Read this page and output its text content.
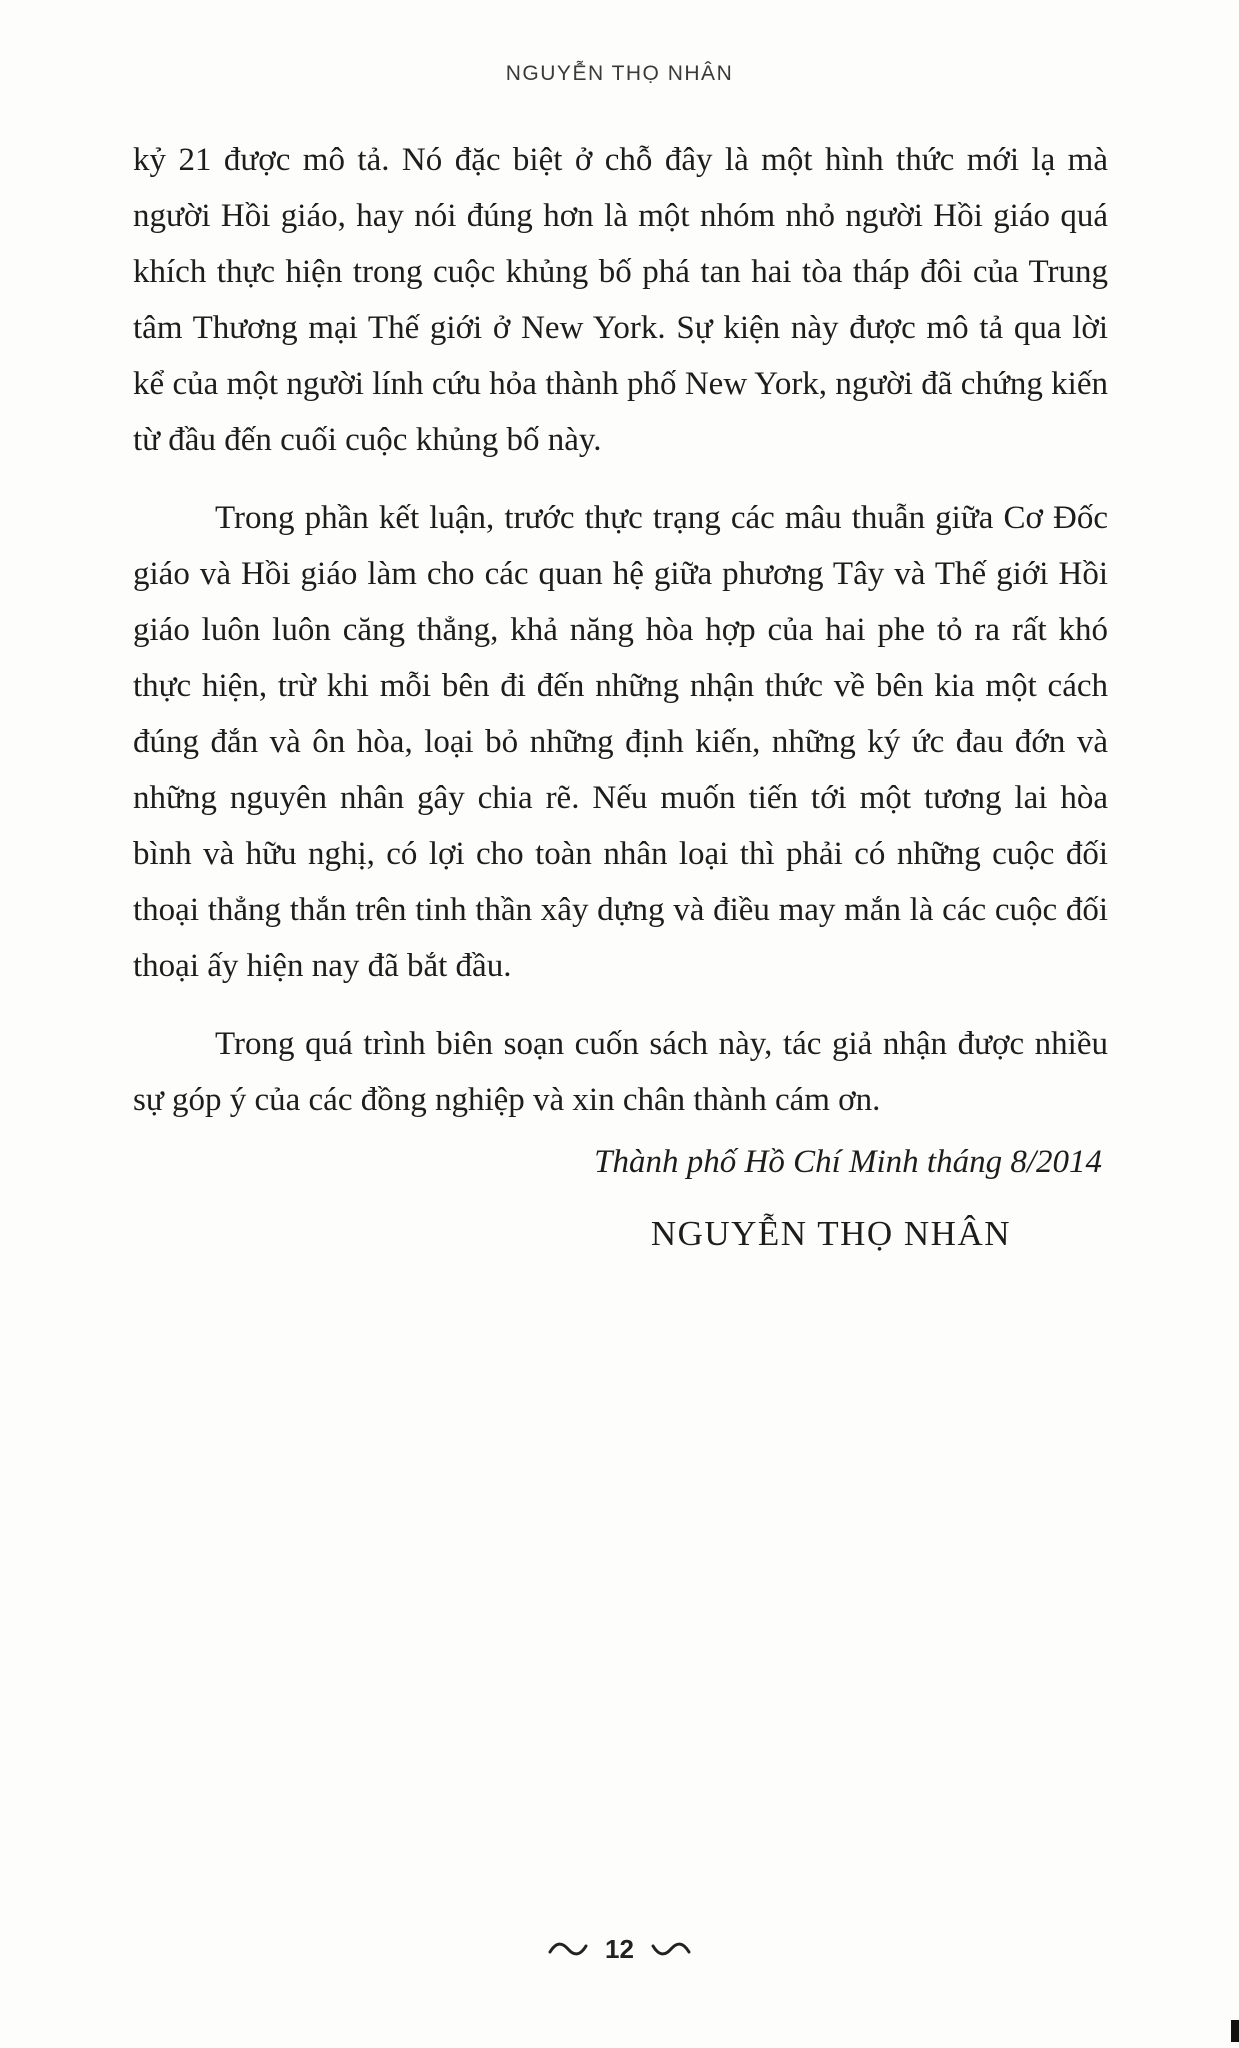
NGUYỄN THỌ NHÂN

kỷ 21 được mô tả. Nó đặc biệt ở chỗ đây là một hình thức mới lạ mà người Hồi giáo, hay nói đúng hơn là một nhóm nhỏ người Hồi giáo quá khích thực hiện trong cuộc khủng bố phá tan hai tòa tháp đôi của Trung tâm Thương mại Thế giới ở New York. Sự kiện này được mô tả qua lời kể của một người lính cứu hỏa thành phố New York, người đã chứng kiến từ đầu đến cuối cuộc khủng bố này.

Trong phần kết luận, trước thực trạng các mâu thuẫn giữa Cơ Đốc giáo và Hồi giáo làm cho các quan hệ giữa phương Tây và Thế giới Hồi giáo luôn luôn căng thẳng, khả năng hòa hợp của hai phe tỏ ra rất khó thực hiện, trừ khi mỗi bên đi đến những nhận thức về bên kia một cách đúng đắn và ôn hòa, loại bỏ những định kiến, những ký ức đau đớn và những nguyên nhân gây chia rẽ. Nếu muốn tiến tới một tương lai hòa bình và hữu nghị, có lợi cho toàn nhân loại thì phải có những cuộc đối thoại thẳng thắn trên tinh thần xây dựng và điều may mắn là các cuộc đối thoại ấy hiện nay đã bắt đầu.

Trong quá trình biên soạn cuốn sách này, tác giả nhận được nhiều sự góp ý của các đồng nghiệp và xin chân thành cám ơn.

Thành phố Hồ Chí Minh tháng 8/2014
NGUYỄN THỌ NHÂN
12
